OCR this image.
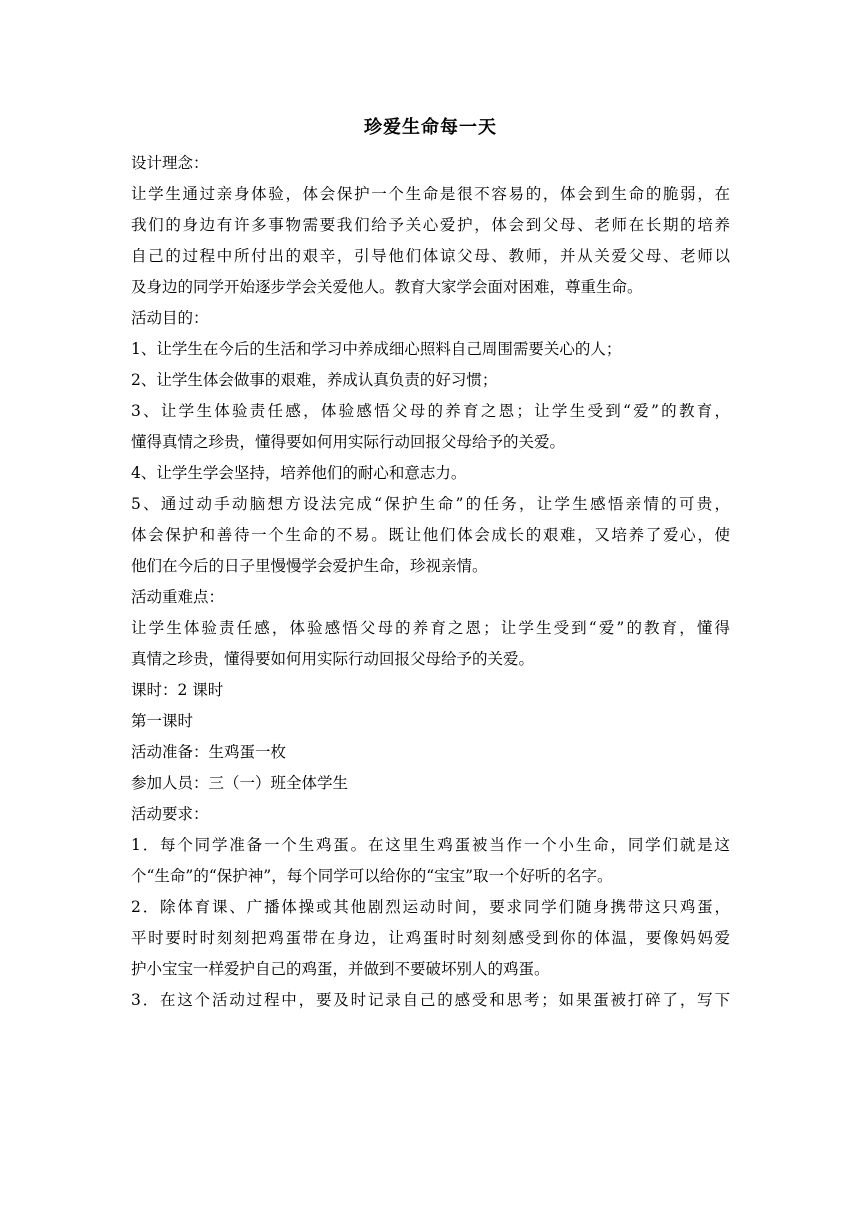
珍爱生命每一天

设计理念：

让学生通过亲身体验，体会保护一个生命是很不容易的，体会到生命的脆弱，在

我们的身边有许多事物需要我们给予关心爱护，体会到父母、老师在长期的培养

自己的过程中所付出的艰辛，引导他们体谅父母、教师，并从关爱父母、老师以

及身边的同学开始逐步学会关爱他人。教育大家学会面对困难，尊重生命。

活动目的：

1、让学生在今后的生活和学习中养成细心照料自己周围需要关心的人；

2、让学生体会做事的艰难，养成认真负责的好习惯；

3、让学生体验责任感，体验感悟父母的养育之恩；让学生受到“爱”的教育，

懂得真情之珍贵，懂得要如何用实际行动回报父母给予的关爱。

4、让学生学会坚持，培养他们的耐心和意志力。

5、通过动手动脑想方设法完成“保护生命”的任务，让学生感悟亲情的可贵，

体会保护和善待一个生命的不易。既让他们体会成长的艰难，又培养了爱心，使

他们在今后的日子里慢慢学会爱护生命，珍视亲情。

活动重难点：

让学生体验责任感，体验感悟父母的养育之恩；让学生受到“爱”的教育，懂得

真情之珍贵，懂得要如何用实际行动回报父母给予的关爱。

课时：2 课时

第一课时

活动准备：生鸡蛋一枚

参加人员：三（一）班全体学生

活动要求：

1．每个同学准备一个生鸡蛋。在这里生鸡蛋被当作一个小生命，同学们就是这

个“生命”的“保护神”，每个同学可以给你的“宝宝”取一个好听的名字。

2．除体育课、广播体操或其他剧烈运动时间，要求同学们随身携带这只鸡蛋，

平时要时时刻刻把鸡蛋带在身边，让鸡蛋时时刻刻感受到你的体温，要像妈妈爱

护小宝宝一样爱护自己的鸡蛋，并做到不要破坏别人的鸡蛋。

3．在这个活动过程中，要及时记录自己的感受和思考；如果蛋被打碎了，写下
